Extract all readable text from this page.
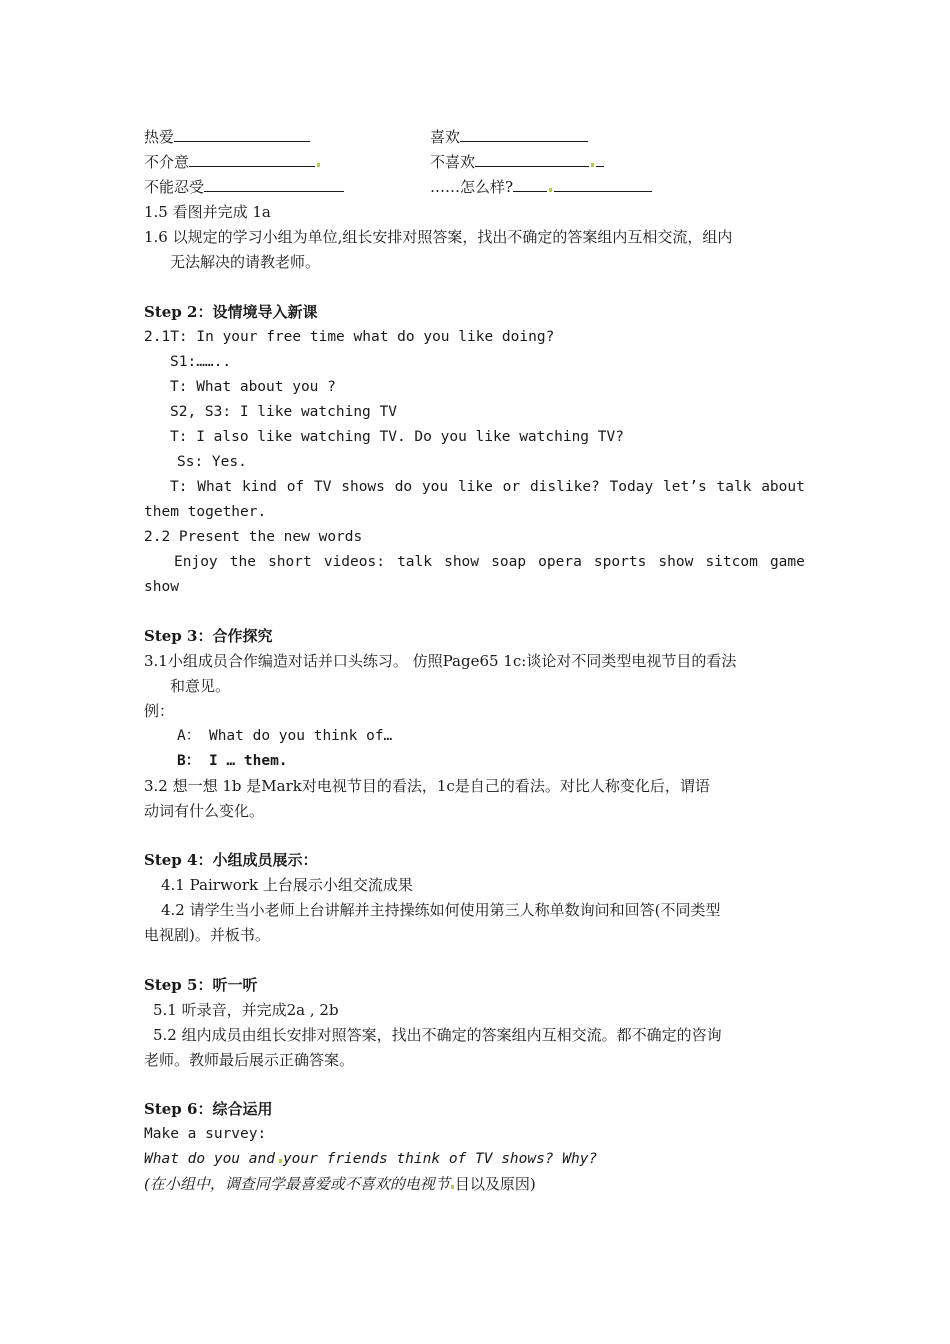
热爱	喜欢
不介意	不喜欢
不能忍受	……怎么样?
1.5 看图并完成 1a
1.6 以规定的学习小组为单位,组长安排对照答案，找出不确定的答案组内互相交流，组内
无法解决的请教老师。
Step 2：设情境导入新课
2.1T: In your free time what do you like doing?
S1:……..
T: What about you ?
S2, S3: I like watching TV
T: I also like watching TV. Do you like watching TV?
Ss: Yes.
T: What kind of TV shows do you like or dislike? Today let’s talk about
them together.
2.2 Present the new words
Enjoy the short videos: talk show soap opera sports show sitcom game
show
Step 3：合作探究
3.1小组成员合作编造对话并口头练习。 仿照Page65 1c:谈论对不同类型电视节目的看法
和意见。
例：
A： What do you think of…
B： I … them.
3.2 想一想 1b 是Mark对电视节目的看法，1c是自己的看法。对比人称变化后，谓语
动词有什么变化。
Step 4：小组成员展示：
4.1 Pairwork 上台展示小组交流成果
4.2 请学生当小老师上台讲解并主持操练如何使用第三人称单数询问和回答(不同类型
电视剧)。并板书。
Step 5：听一听
5.1 听录音，并完成2a , 2b
5.2 组内成员由组长安排对照答案，找出不确定的答案组内互相交流。都不确定的咨询
老师。教师最后展示正确答案。
Step 6：综合运用
Make a survey:
What do you and your friends think of TV shows? Why?
(在小组中，调查同学最喜爱或不喜欢的电视节 目以及原因)
